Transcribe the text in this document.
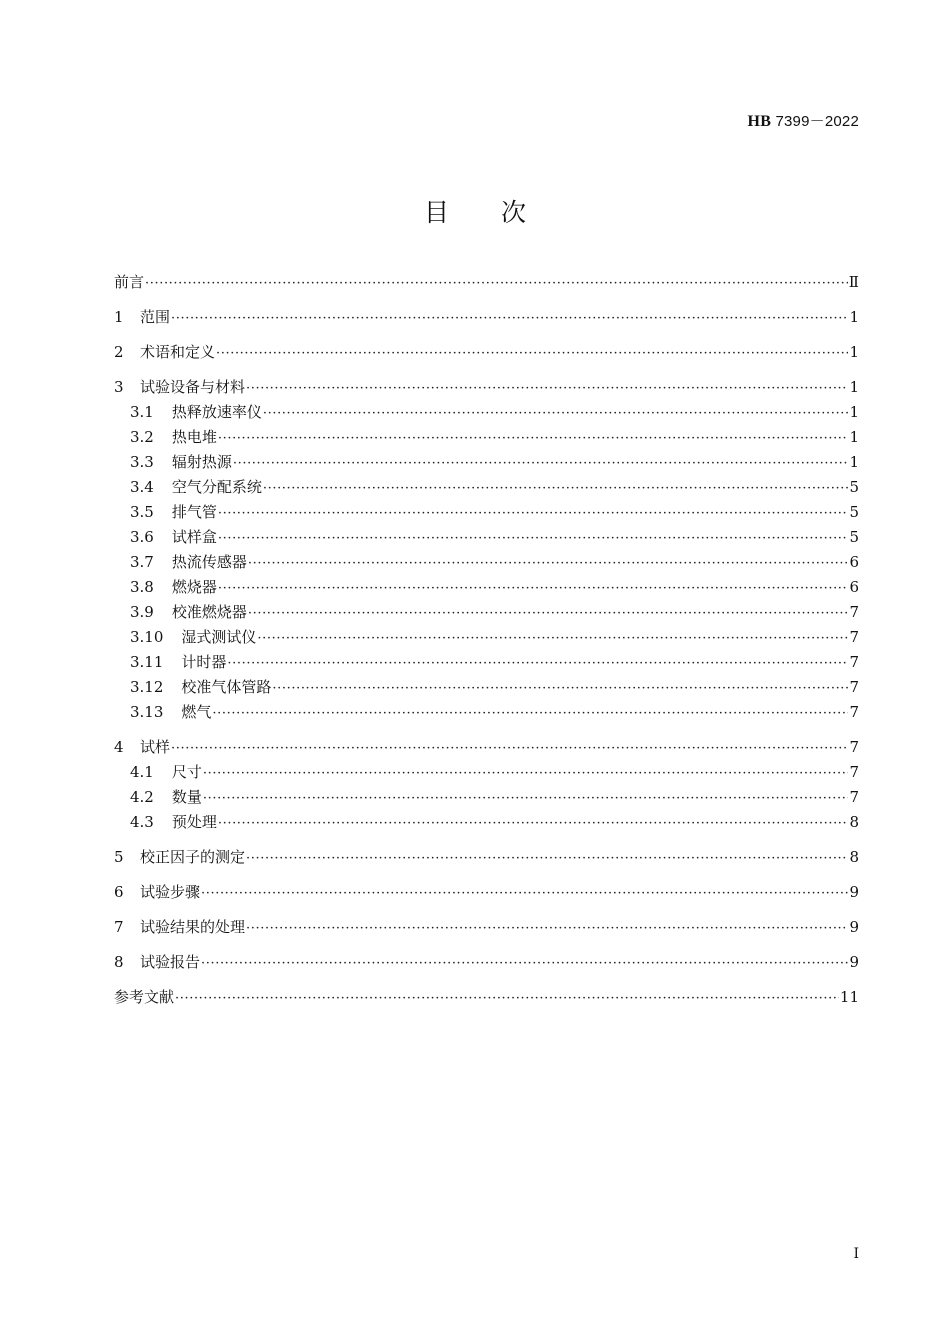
HB 7399－2022
目 次
前言 ·····	Ⅱ
1	范围 ·····	1
2	术语和定义 ·····	1
3	试验设备与材料 ·····	1
3.1	热释放速率仪 ·····	1
3.2	热电堆 ·····	1
3.3	辐射热源 ·····	1
3.4	空气分配系统 ·····	5
3.5	排气管 ·····	5
3.6	试样盒 ·····	5
3.7	热流传感器 ·····	6
3.8	燃烧器 ·····	6
3.9	校准燃烧器 ·····	7
3.10	湿式测试仪 ·····	7
3.11	计时器 ·····	7
3.12	校准气体管路 ·····	7
3.13	燃气 ·····	7
4	试样 ·····	7
4.1	尺寸 ·····	7
4.2	数量 ·····	7
4.3	预处理 ·····	8
5	校正因子的测定 ·····	8
6	试验步骤 ·····	9
7	试验结果的处理 ·····	9
8	试验报告 ·····	9
参考文献 ·····	11
Ⅰ
